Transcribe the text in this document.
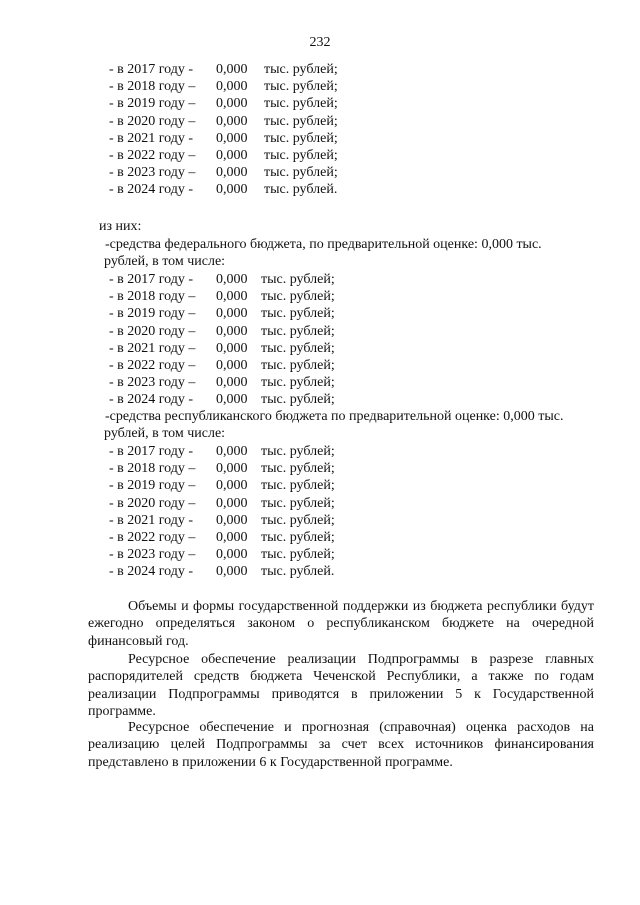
232
- в 2017 году - 0,000 тыс. рублей;
- в 2018 году – 0,000 тыс. рублей;
- в 2019 году – 0,000 тыс. рублей;
- в 2020 году – 0,000 тыс. рублей;
- в 2021 году - 0,000 тыс. рублей;
- в 2022 году – 0,000 тыс. рублей;
- в 2023 году – 0,000 тыс. рублей;
- в 2024 году - 0,000 тыс. рублей.
из них:
-средства федерального бюджета, по предварительной оценке: 0,000 тыс.
рублей, в том числе:
- в 2017 году - 0,000 тыс. рублей;
- в 2018 году – 0,000 тыс. рублей;
- в 2019 году – 0,000 тыс. рублей;
- в 2020 году – 0,000 тыс. рублей;
- в 2021 году – 0,000 тыс. рублей;
- в 2022 году – 0,000 тыс. рублей;
- в 2023 году – 0,000 тыс. рублей;
- в 2024 году - 0,000 тыс. рублей;
-средства республиканского бюджета по предварительной оценке: 0,000 тыс.
рублей, в том числе:
- в 2017 году - 0,000 тыс. рублей;
- в 2018 году – 0,000 тыс. рублей;
- в 2019 году – 0,000 тыс. рублей;
- в 2020 году – 0,000 тыс. рублей;
- в 2021 году - 0,000 тыс. рублей;
- в 2022 году – 0,000 тыс. рублей;
- в 2023 году – 0,000 тыс. рублей;
- в 2024 году - 0,000 тыс. рублей.
Объемы и формы государственной поддержки из бюджета республики будут ежегодно определяться законом о республиканском бюджете на очередной финансовый год.
Ресурсное обеспечение реализации Подпрограммы в разрезе главных распорядителей средств бюджета Чеченской Республики, а также по годам реализации Подпрограммы приводятся в приложении 5 к Государственной программе.
Ресурсное обеспечение и прогнозная (справочная) оценка расходов на реализацию целей Подпрограммы за счет всех источников финансирования представлено в приложении 6 к Государственной программе.
